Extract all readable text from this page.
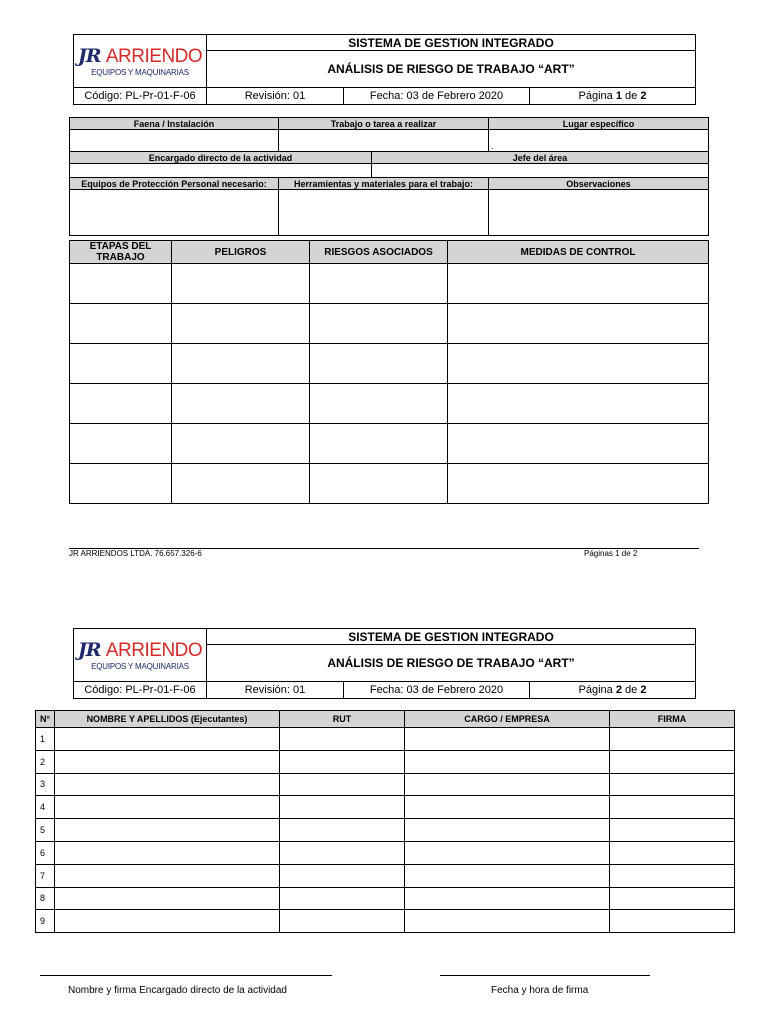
JR ARRIENDO
EQUIPOS Y MAQUINARIAS	SISTEMA DE GESTION INTEGRADO		
	ANÁLISIS DE RIESGO DE TRABAJO “ART”		
Código: PL-Pr-01-F-06	Revisión: 01	Fecha: 03 de Febrero 2020	Página 1 de 2
Faena / Instalación	Trabajo o tarea a realizar		Lugar específico
			.
Encargado directo de la actividad		Jefe del área	

Equipos de Protección Personal necesario:	Herramientas y materiales para el trabajo:		Observaciones

ETAPAS DEL TRABAJO	PELIGROS	RIESGOS ASOCIADOS	MEDIDAS DE CONTROL

JR ARRIENDOS LTDA. 76.657.326-6	Páginas 1 de 2
JR ARRIENDO
EQUIPOS Y MAQUINARIAS	SISTEMA DE GESTION INTEGRADO		
	ANÁLISIS DE RIESGO DE TRABAJO “ART”		
Código: PL-Pr-01-F-06	Revisión: 01	Fecha: 03 de Febrero 2020	Página 2 de 2
N°	NOMBRE Y APELLIDOS (Ejecutantes)	RUT	CARGO / EMPRESA	FIRMA
1				
2				
3				
4				
5				
6				
7				
8				
9				
Nombre y firma Encargado directo de la actividad	Fecha y hora de firma
